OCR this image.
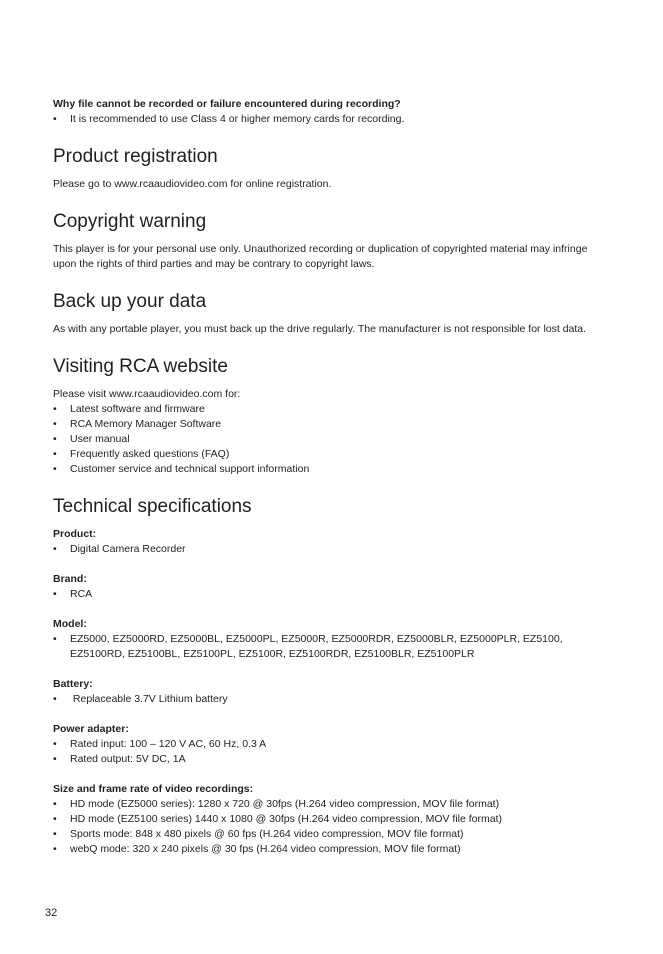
Why file cannot be recorded or failure encountered during recording?

• It is recommended to use Class 4 or higher memory cards for recording.
Product registration

Please go to www.rcaaudiovideo.com for online registration.

Copyright warning

This player is for your personal use only. Unauthorized recording or duplication of copyrighted material may infringe upon the rights of third parties and may be contrary to copyright laws.

Back up your data

As with any portable player, you must back up the drive regularly. The manufacturer is not responsible for lost data.

Visiting RCA website

Please visit www.rcaaudiovideo.com for:

• Latest software and firmware
• RCA Memory Manager Software
• User manual
• Frequently asked questions (FAQ)
• Customer service and technical support information
Technical specifications

Product:

• Digital Camera Recorder

Brand:

• RCA

Model:

• EZ5000, EZ5000RD, EZ5000BL, EZ5000PL, EZ5000R, EZ5000RDR, EZ5000BLR, EZ5000PLR, EZ5100, EZ5100RD, EZ5100BL, EZ5100PL, EZ5100R, EZ5100RDR, EZ5100BLR, EZ5100PLR

Battery:

•  Replaceable 3.7V Lithium battery

Power adapter:

• Rated input: 100 – 120 V AC, 60 Hz, 0.3 A
• Rated output: 5V DC, 1A

Size and frame rate of video recordings:

• HD mode (EZ5000 series): 1280 x 720 @ 30fps (H.264 video compression, MOV file format)
• HD mode (EZ5100 series) 1440 x 1080 @ 30fps (H.264 video compression, MOV file format)
• Sports mode: 848 x 480 pixels @ 60 fps (H.264 video compression, MOV file format)
• webQ mode: 320 x 240 pixels @ 30 fps (H.264 video compression, MOV file format)
32
